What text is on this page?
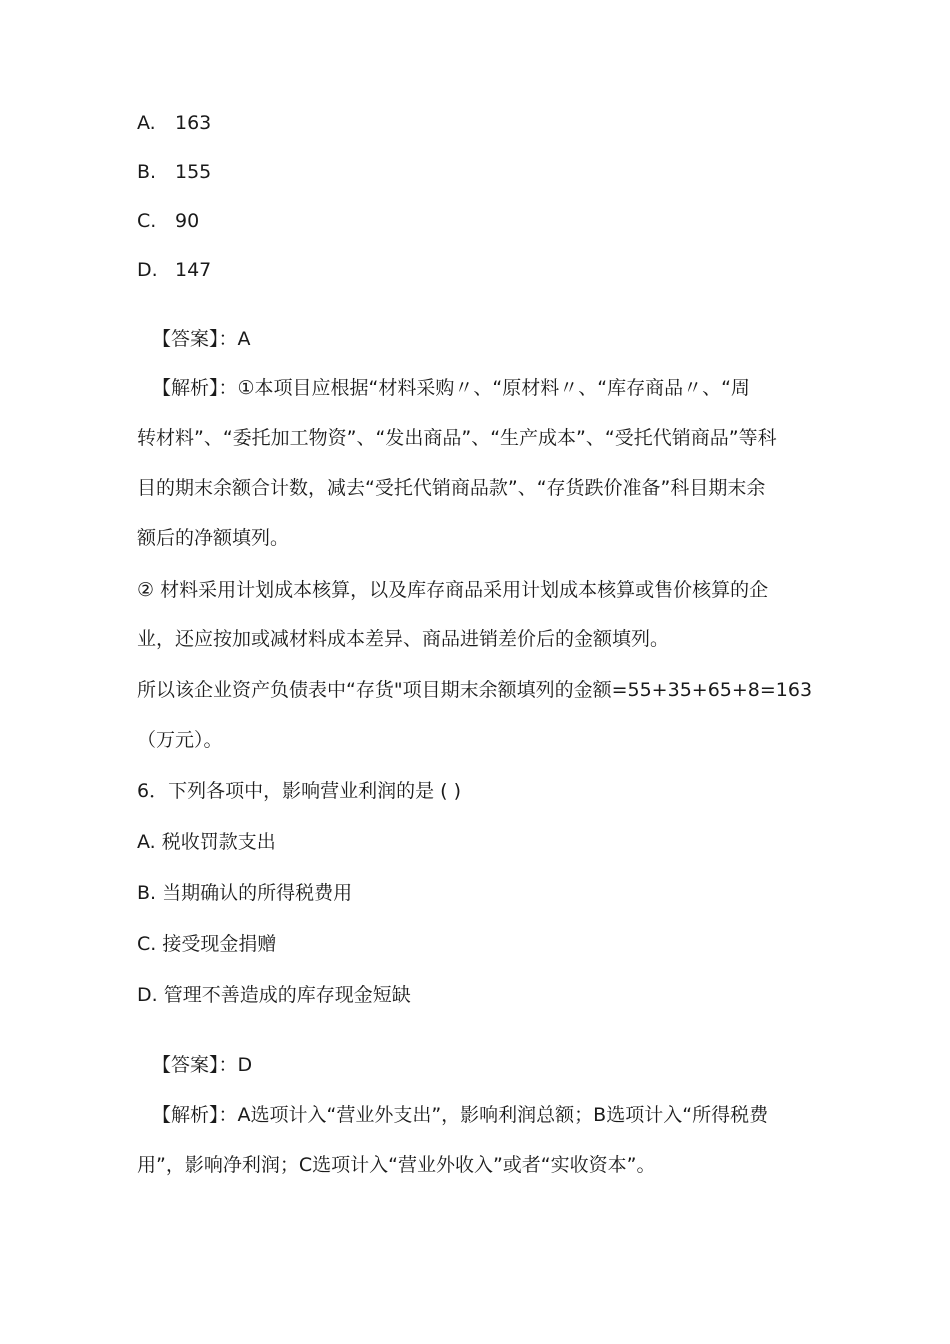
A. 163
B. 155
C. 90
D. 147
【答案】：A
【解析】：①本项目应根据“材料采购〃、“原材料〃、“库存商品〃、“周
转材料”、“委托加工物资”、“发出商品”、“生产成本”、“受托代销商品”等科
目的期末余额合计数，减去“受托代销商品款”、“存货跌价准备”科目期末余
额后的净额填列。
② 材料采用计划成本核算，以及库存商品采用计划成本核算或售价核算的企
业，还应按加或减材料成本差异、商品进销差价后的金额填列。
所以该企业资产负债表中“存货"项目期末余额填列的金额=55+35+65+8=163
（万元）。
6．下列各项中，影响营业利润的是 ( )
A. 税收罚款支出
B. 当期确认的所得税费用
C. 接受现金捐赠
D. 管理不善造成的库存现金短缺
【答案】：D
【解析】：A选项计入“营业外支出”，影响利润总额；B选项计入“所得税费
用”，影响净利润；C选项计入“营业外收入”或者“实收资本”。
